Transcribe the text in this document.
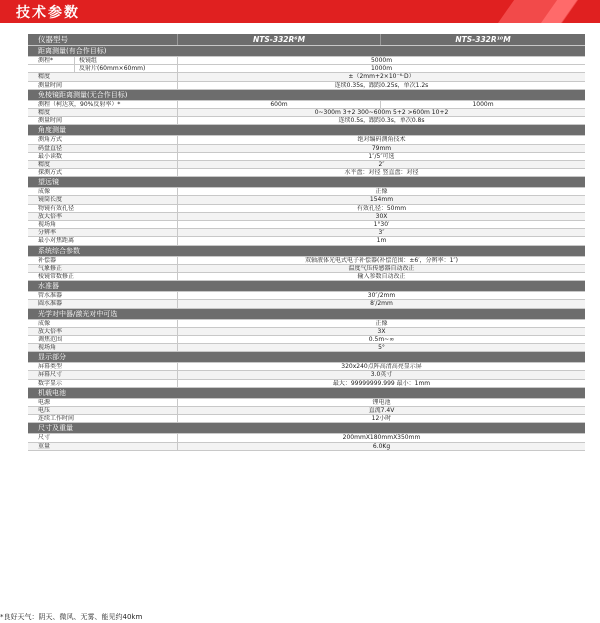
技术参数
仪器型号	NTS-332R⁶M	NTS-332R¹⁰M
距离测量(有合作目标)
测程*	棱镜组	5000m
反射片(60mm×60mm)	1000m
精度	±（2mm+2×10⁻⁶·D）
测量时间	连续0.35s，跟踪0.25s，单次1.2s
免棱镜距离测量(无合作目标)
测程（柯达灰，90%反射率）*	600m	1000m
精度	0~300m 3+2 300~600m 5+2 >600m 10+2
测量时间	连续0.5s，跟踪0.3s，单次0.8s
角度测量
测角方式	绝对编码测角技术
码盘直径	79mm
最小读数	1″/5″可选
精度	2″
探测方式	水平盘：对径 竖直盘：对径
望远镜
成像	正像
镜筒长度	154mm
物镜有效孔径	有效孔径：50mm
放大倍率	30X
视场角	1°30′
分辨率	3″
最小对焦距离	1m
系统综合参数
补偿器	双轴液体光电式电子补偿器(补偿范围：±6′，分辨率：1″)
气象修正	温度气压传感器自动改正
棱镜常数修正	输入参数自动改正
水准器
管水准器	30″/2mm
圆水准器	8′/2mm
光学对中器/激光对中可选
成像	正像
放大倍率	3X
调焦范围	0.5m~∞
视场角	5°
显示部分
屏幕类型	320x240点阵高清高亮显示屏
屏幕尺寸	3.0英寸
数字显示	最大：99999999.999 最小：1mm
机载电池
电源	锂电池
电压	直流7.4V
连续工作时间	12小时
尺寸及重量
尺寸	200mmX180mmX350mm
重量	6.0Kg
*良好天气：阴天、微风、无雾、能见约40km
